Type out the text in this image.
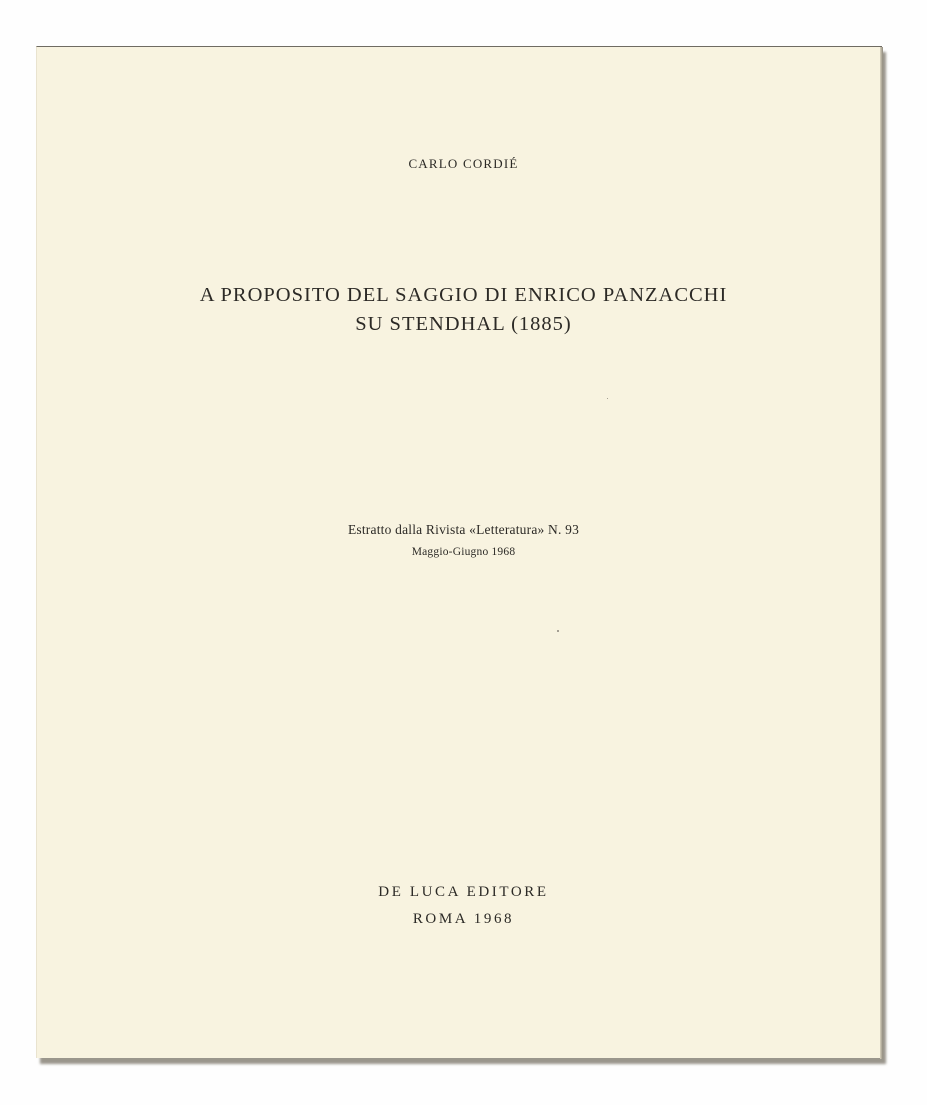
CARLO CORDIÉ
A PROPOSITO DEL SAGGIO DI ENRICO PANZACCHI
SU STENDHAL (1885)
Estratto dalla Rivista «Letteratura» N. 93
Maggio-Giugno 1968
DE LUCA EDITORE
ROMA 1968
